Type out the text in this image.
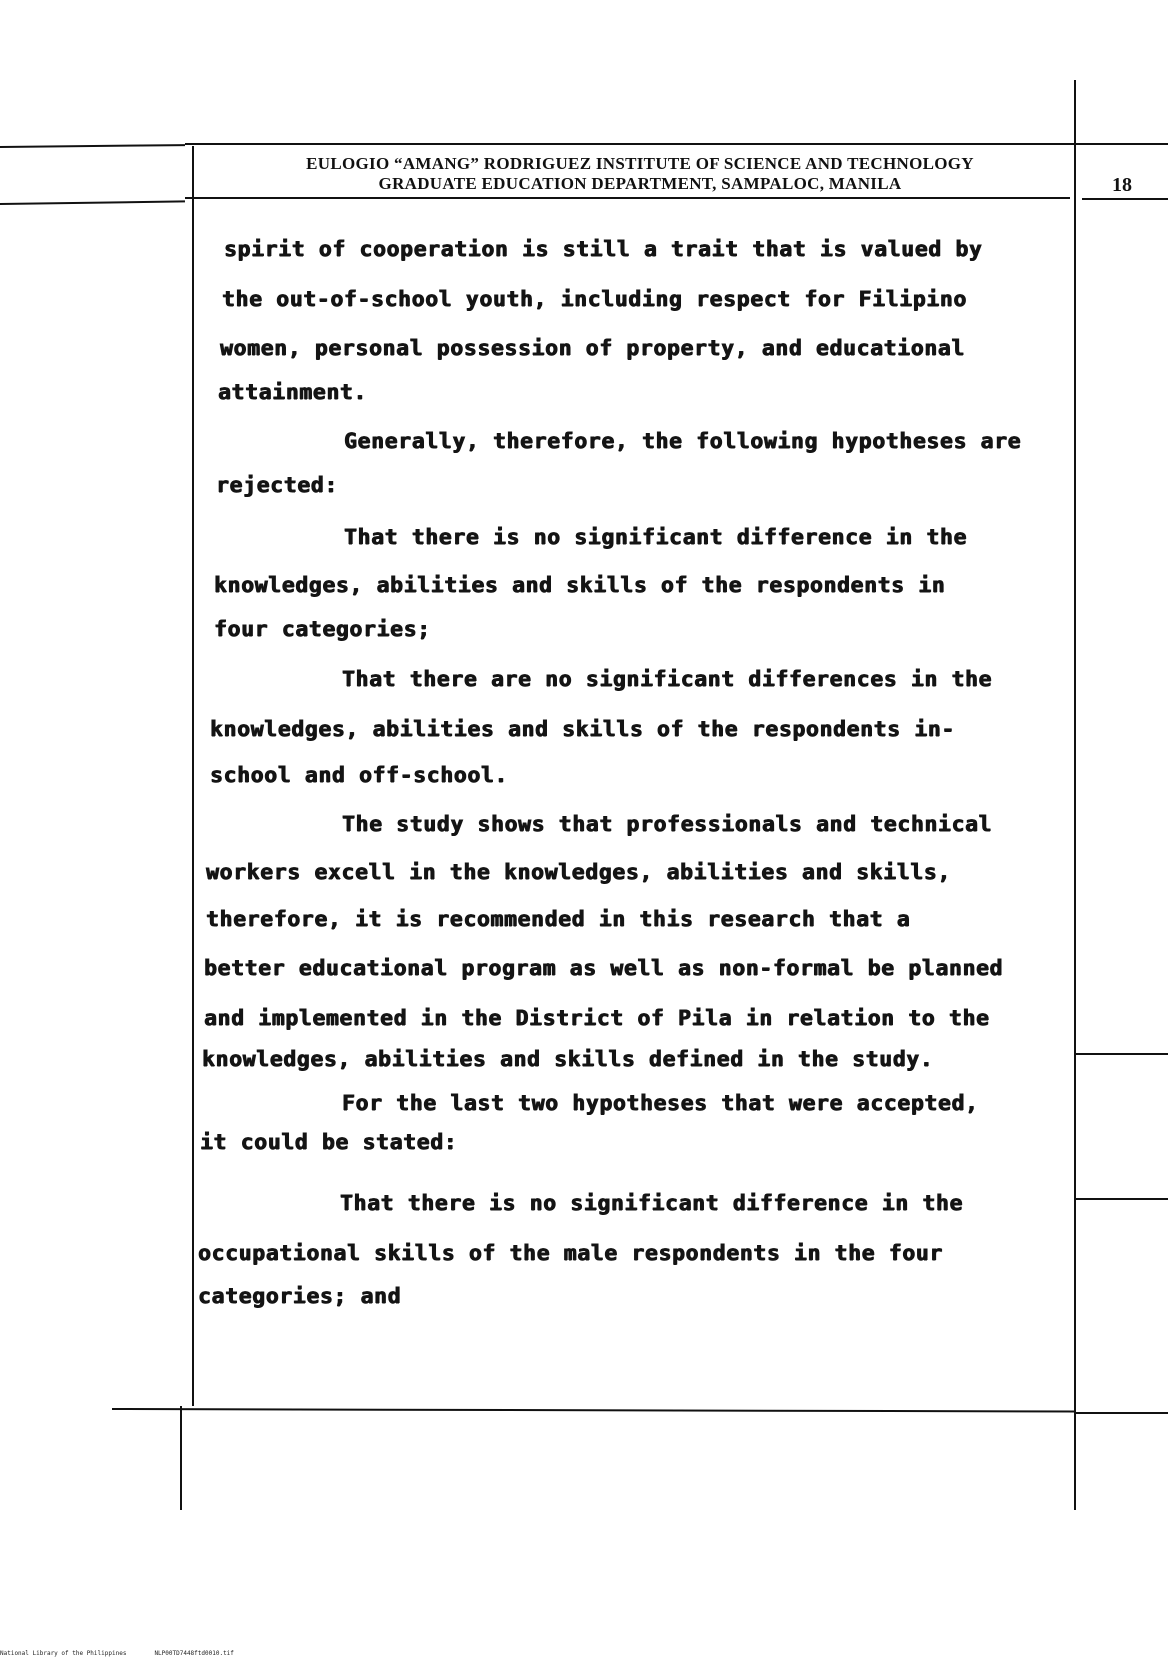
EULOGIO “AMANG” RODRIGUEZ INSTITUTE OF SCIENCE AND TECHNOLOGY
GRADUATE EDUCATION DEPARTMENT, SAMPALOC, MANILA	18
spirit of cooperation is still a trait that is valued by
the out-of-school youth, including respect for Filipino
women, personal possession of property, and educational
attainment.
Generally, therefore, the following hypotheses are
rejected:
That there is no significant difference in the
knowledges, abilities and skills of the respondents in
four categories;
That there are no significant differences in the
knowledges, abilities and skills of the respondents in-
school and off-school.
The study shows that professionals and technical
workers excell in the knowledges, abilities and skills,
therefore, it is recommended in this research that a
better educational program as well as non-formal be planned
and implemented in the District of Pila in relation to the
knowledges, abilities and skills defined in the study.
For the last two hypotheses that were accepted,
it could be stated:
That there is no significant difference in the
occupational skills of the male respondents in the four
categories; and
National Library of the Philippines	NLP00TD7448ftd0010.tif
